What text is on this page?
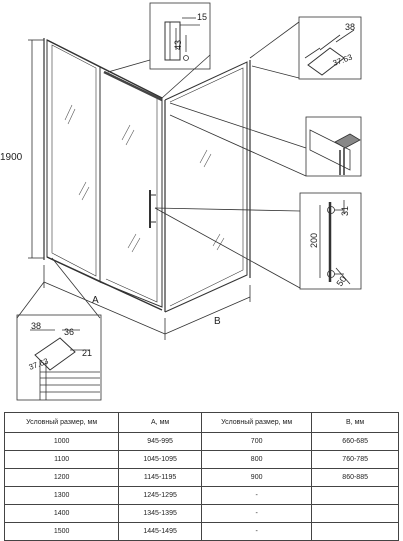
1900
A
B
15
43
38
37.63
31
200
50
38
36
21
37.63
Условный размер, мм	A, мм	Условный размер, мм	B, мм
1000	945-995	700	660-685
1100	1045-1095	800	760-785
1200	1145-1195	900	860-885
1300	1245-1295	-	
1400	1345-1395	-	
1500	1445-1495	-	
